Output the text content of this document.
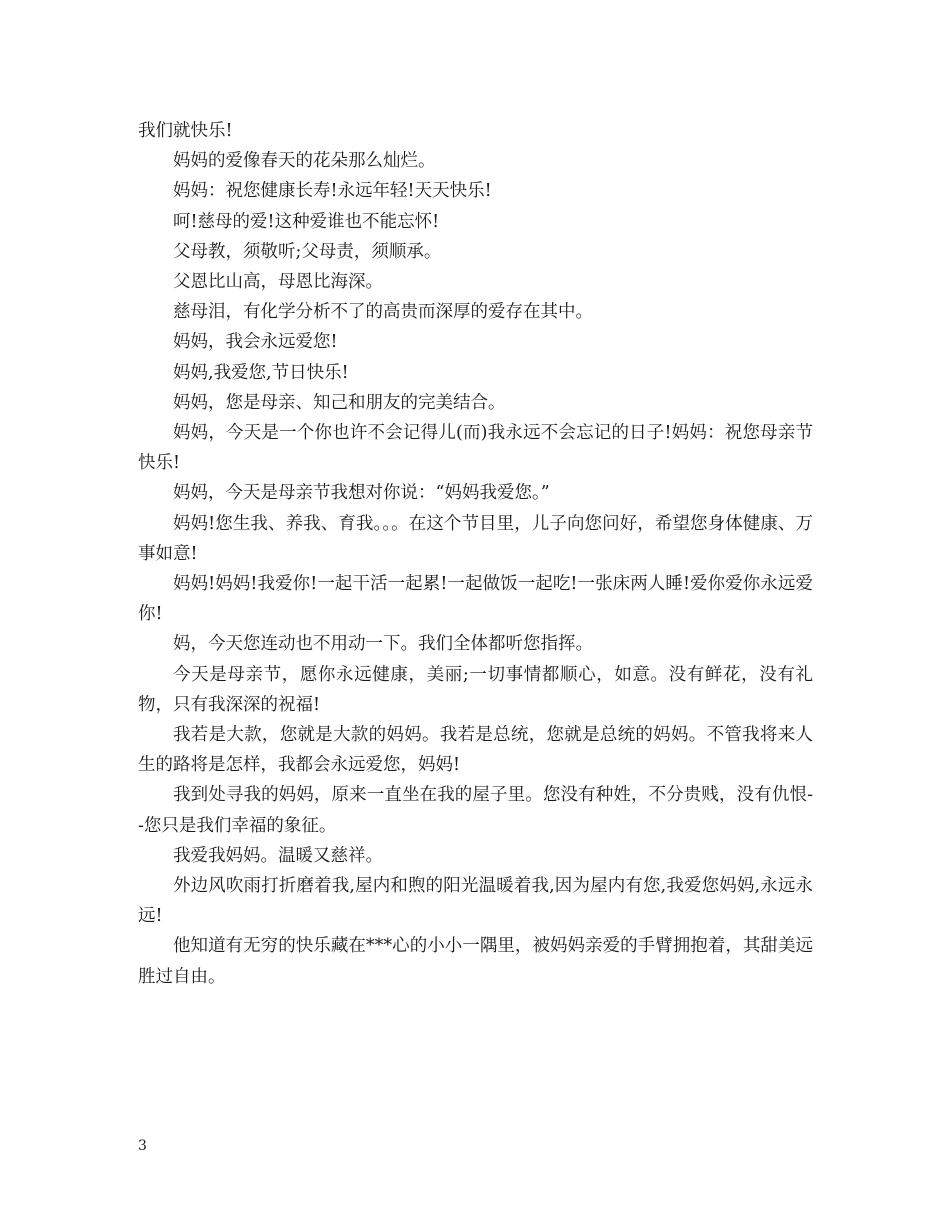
我们就快乐!

妈妈的爱像春天的花朵那么灿烂。

妈妈：祝您健康长寿!永远年轻!天天快乐!

呵!慈母的爱!这种爱谁也不能忘怀!

父母教，须敬听;父母责，须顺承。

父恩比山高，母恩比海深。

慈母泪，有化学分析不了的高贵而深厚的爱存在其中。

妈妈，我会永远爱您!

妈妈,我爱您,节日快乐!

妈妈，您是母亲、知己和朋友的完美结合。

妈妈，今天是一个你也许不会记得儿(而)我永远不会忘记的日子!妈妈：祝您母亲节快乐!

妈妈，今天是母亲节我想对你说：“妈妈我爱您。”

妈妈!您生我、养我、育我。。。在这个节目里，儿子向您问好，希望您身体健康、万事如意!

妈妈!妈妈!我爱你!一起干活一起累!一起做饭一起吃!一张床两人睡!爱你爱你永远爱你!

妈，今天您连动也不用动一下。我们全体都听您指挥。

今天是母亲节，愿你永远健康，美丽;一切事情都顺心，如意。没有鲜花，没有礼物，只有我深深的祝福!

我若是大款，您就是大款的妈妈。我若是总统，您就是总统的妈妈。不管我将来人生的路将是怎样，我都会永远爱您，妈妈!

我到处寻我的妈妈，原来一直坐在我的屋子里。您没有种姓，不分贵贱，没有仇恨--您只是我们幸福的象征。

我爱我妈妈。温暖又慈祥。

外边风吹雨打折磨着我,屋内和煦的阳光温暖着我,因为屋内有您,我爱您妈妈,永远永远!

他知道有无穷的快乐藏在***心的小小一隅里，被妈妈亲爱的手臂拥抱着，其甜美远胜过自由。

3
